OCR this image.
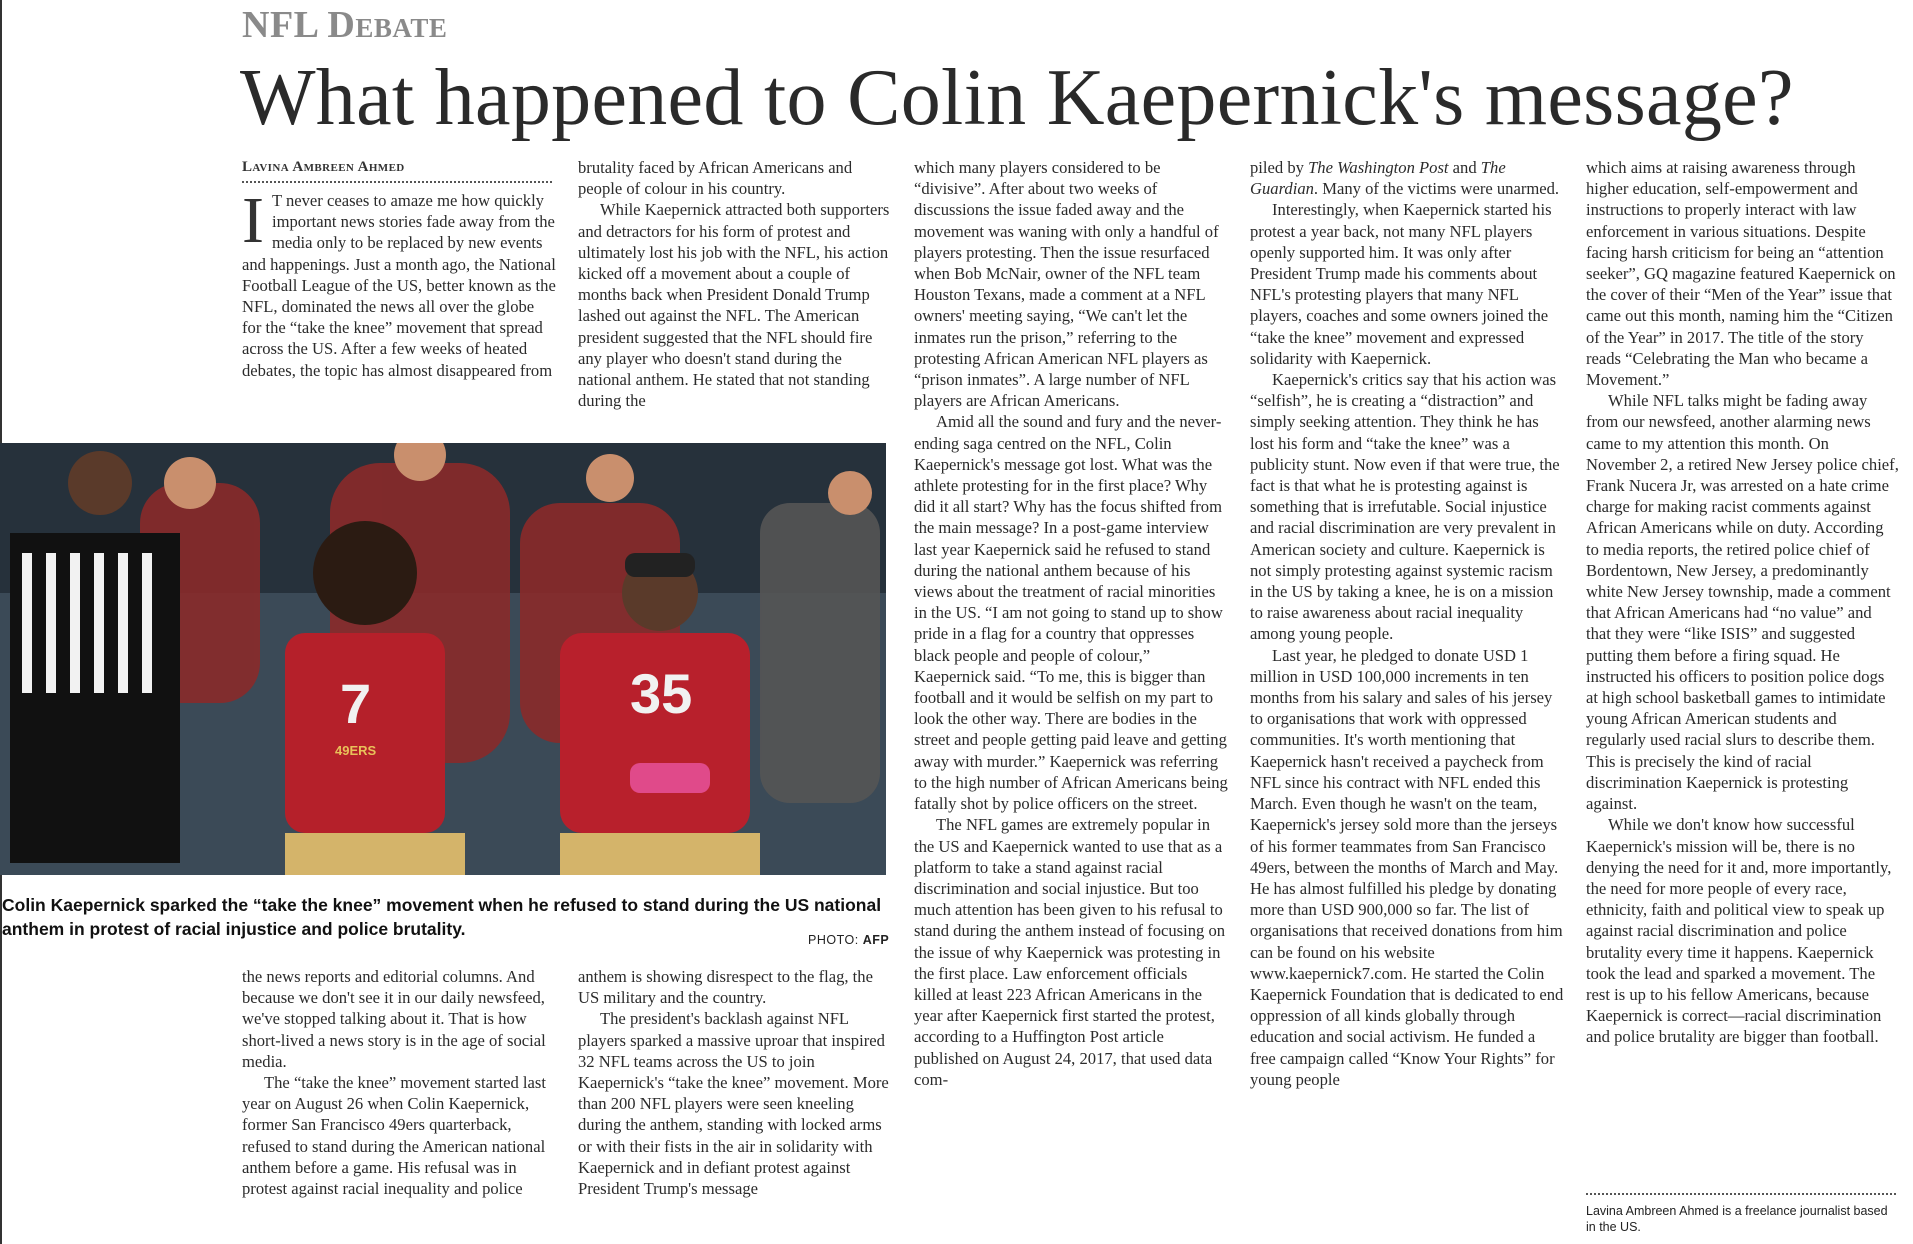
NFL Debate
What happened to Colin Kaepernick's message?
Lavina Ambreen Ahmed

I T never ceases to amaze me how quickly important news stories fade away from the media only to be replaced by new events and happenings. Just a month ago, the National Football League of the US, better known as the NFL, dominated the news all over the globe for the “take the knee” movement that spread across the US. After a few weeks of heated debates, the topic has almost disappeared from

brutality faced by African Americans and people of colour in his country.

While Kaepernick attracted both supporters and detractors for his form of protest and ultimately lost his job with the NFL, his action kicked off a movement about a couple of months back when President Donald Trump lashed out against the NFL. The American president suggested that the NFL should fire any player who doesn't stand during the national anthem. He stated that not standing during the

7
49ERS
35
Colin Kaepernick sparked the “take the knee” movement when he refused to stand during the US national anthem in protest of racial injustice and police brutality.
PHOTO: AFP

the news reports and editorial columns. And because we don't see it in our daily newsfeed, we've stopped talking about it. That is how short-lived a news story is in the age of social media.

The “take the knee” movement started last year on August 26 when Colin Kaepernick, former San Francisco 49ers quarterback, refused to stand during the American national anthem before a game. His refusal was in protest against racial inequality and police

anthem is showing disrespect to the flag, the US military and the country.

The president's backlash against NFL players sparked a massive uproar that inspired 32 NFL teams across the US to join Kaepernick's “take the knee” movement. More than 200 NFL players were seen kneeling during the anthem, standing with locked arms or with their fists in the air in solidarity with Kaepernick and in defiant protest against President Trump's message

which many players considered to be “divisive”. After about two weeks of discussions the issue faded away and the movement was waning with only a handful of players protesting. Then the issue resurfaced when Bob McNair, owner of the NFL team Houston Texans, made a comment at a NFL owners' meeting saying, “We can't let the inmates run the prison,” referring to the protesting African American NFL players as “prison inmates”. A large number of NFL players are African Americans.

Amid all the sound and fury and the never-ending saga centred on the NFL, Colin Kaepernick's message got lost. What was the athlete protesting for in the first place? Why did it all start? Why has the focus shifted from the main message? In a post-game interview last year Kaepernick said he refused to stand during the national anthem because of his views about the treatment of racial minorities in the US. “I am not going to stand up to show pride in a flag for a country that oppresses black people and people of colour,” Kaepernick said. “To me, this is bigger than football and it would be selfish on my part to look the other way. There are bodies in the street and people getting paid leave and getting away with murder.” Kaepernick was referring to the high number of African Americans being fatally shot by police officers on the street.

The NFL games are extremely popular in the US and Kaepernick wanted to use that as a platform to take a stand against racial discrimination and social injustice. But too much attention has been given to his refusal to stand during the anthem instead of focusing on the issue of why Kaepernick was protesting in the first place. Law enforcement officials killed at least 223 African Americans in the year after Kaepernick first started the protest, according to a Huffington Post article published on August 24, 2017, that used data com-

piled by The Washington Post and The Guardian. Many of the victims were unarmed.

Interestingly, when Kaepernick started his protest a year back, not many NFL players openly supported him. It was only after President Trump made his comments about NFL's protesting players that many NFL players, coaches and some owners joined the “take the knee” movement and expressed solidarity with Kaepernick.

Kaepernick's critics say that his action was “selfish”, he is creating a “distraction” and simply seeking attention. They think he has lost his form and “take the knee” was a publicity stunt. Now even if that were true, the fact is that what he is protesting against is something that is irrefutable. Social injustice and racial discrimination are very prevalent in American society and culture. Kaepernick is not simply protesting against systemic racism in the US by taking a knee, he is on a mission to raise awareness about racial inequality among young people.

Last year, he pledged to donate USD 1 million in USD 100,000 increments in ten months from his salary and sales of his jersey to organisations that work with oppressed communities. It's worth mentioning that Kaepernick hasn't received a paycheck from NFL since his contract with NFL ended this March. Even though he wasn't on the team, Kaepernick's jersey sold more than the jerseys of his former teammates from San Francisco 49ers, between the months of March and May. He has almost fulfilled his pledge by donating more than USD 900,000 so far. The list of organisations that received donations from him can be found on his website www.kaepernick7.com. He started the Colin Kaepernick Foundation that is dedicated to end oppression of all kinds globally through education and social activism. He funded a free campaign called “Know Your Rights” for young people

which aims at raising awareness through higher education, self-empowerment and instructions to properly interact with law enforcement in various situations. Despite facing harsh criticism for being an “attention seeker”, GQ magazine featured Kaepernick on the cover of their “Men of the Year” issue that came out this month, naming him the “Citizen of the Year” in 2017. The title of the story reads “Celebrating the Man who became a Movement.”

While NFL talks might be fading away from our newsfeed, another alarming news came to my attention this month. On November 2, a retired New Jersey police chief, Frank Nucera Jr, was arrested on a hate crime charge for making racist comments against African Americans while on duty. According to media reports, the retired police chief of Bordentown, New Jersey, a predominantly white New Jersey township, made a comment that African Americans had “no value” and that they were “like ISIS” and suggested putting them before a firing squad. He instructed his officers to position police dogs at high school basketball games to intimidate young African American students and regularly used racial slurs to describe them. This is precisely the kind of racial discrimination Kaepernick is protesting against.

While we don't know how successful Kaepernick's mission will be, there is no denying the need for it and, more importantly, the need for more people of every race, ethnicity, faith and political view to speak up against racial discrimination and police brutality every time it happens. Kaepernick took the lead and sparked a movement. The rest is up to his fellow Americans, because Kaepernick is correct—racial discrimination and police brutality are bigger than football.

Lavina Ambreen Ahmed is a freelance journalist based in the US.
